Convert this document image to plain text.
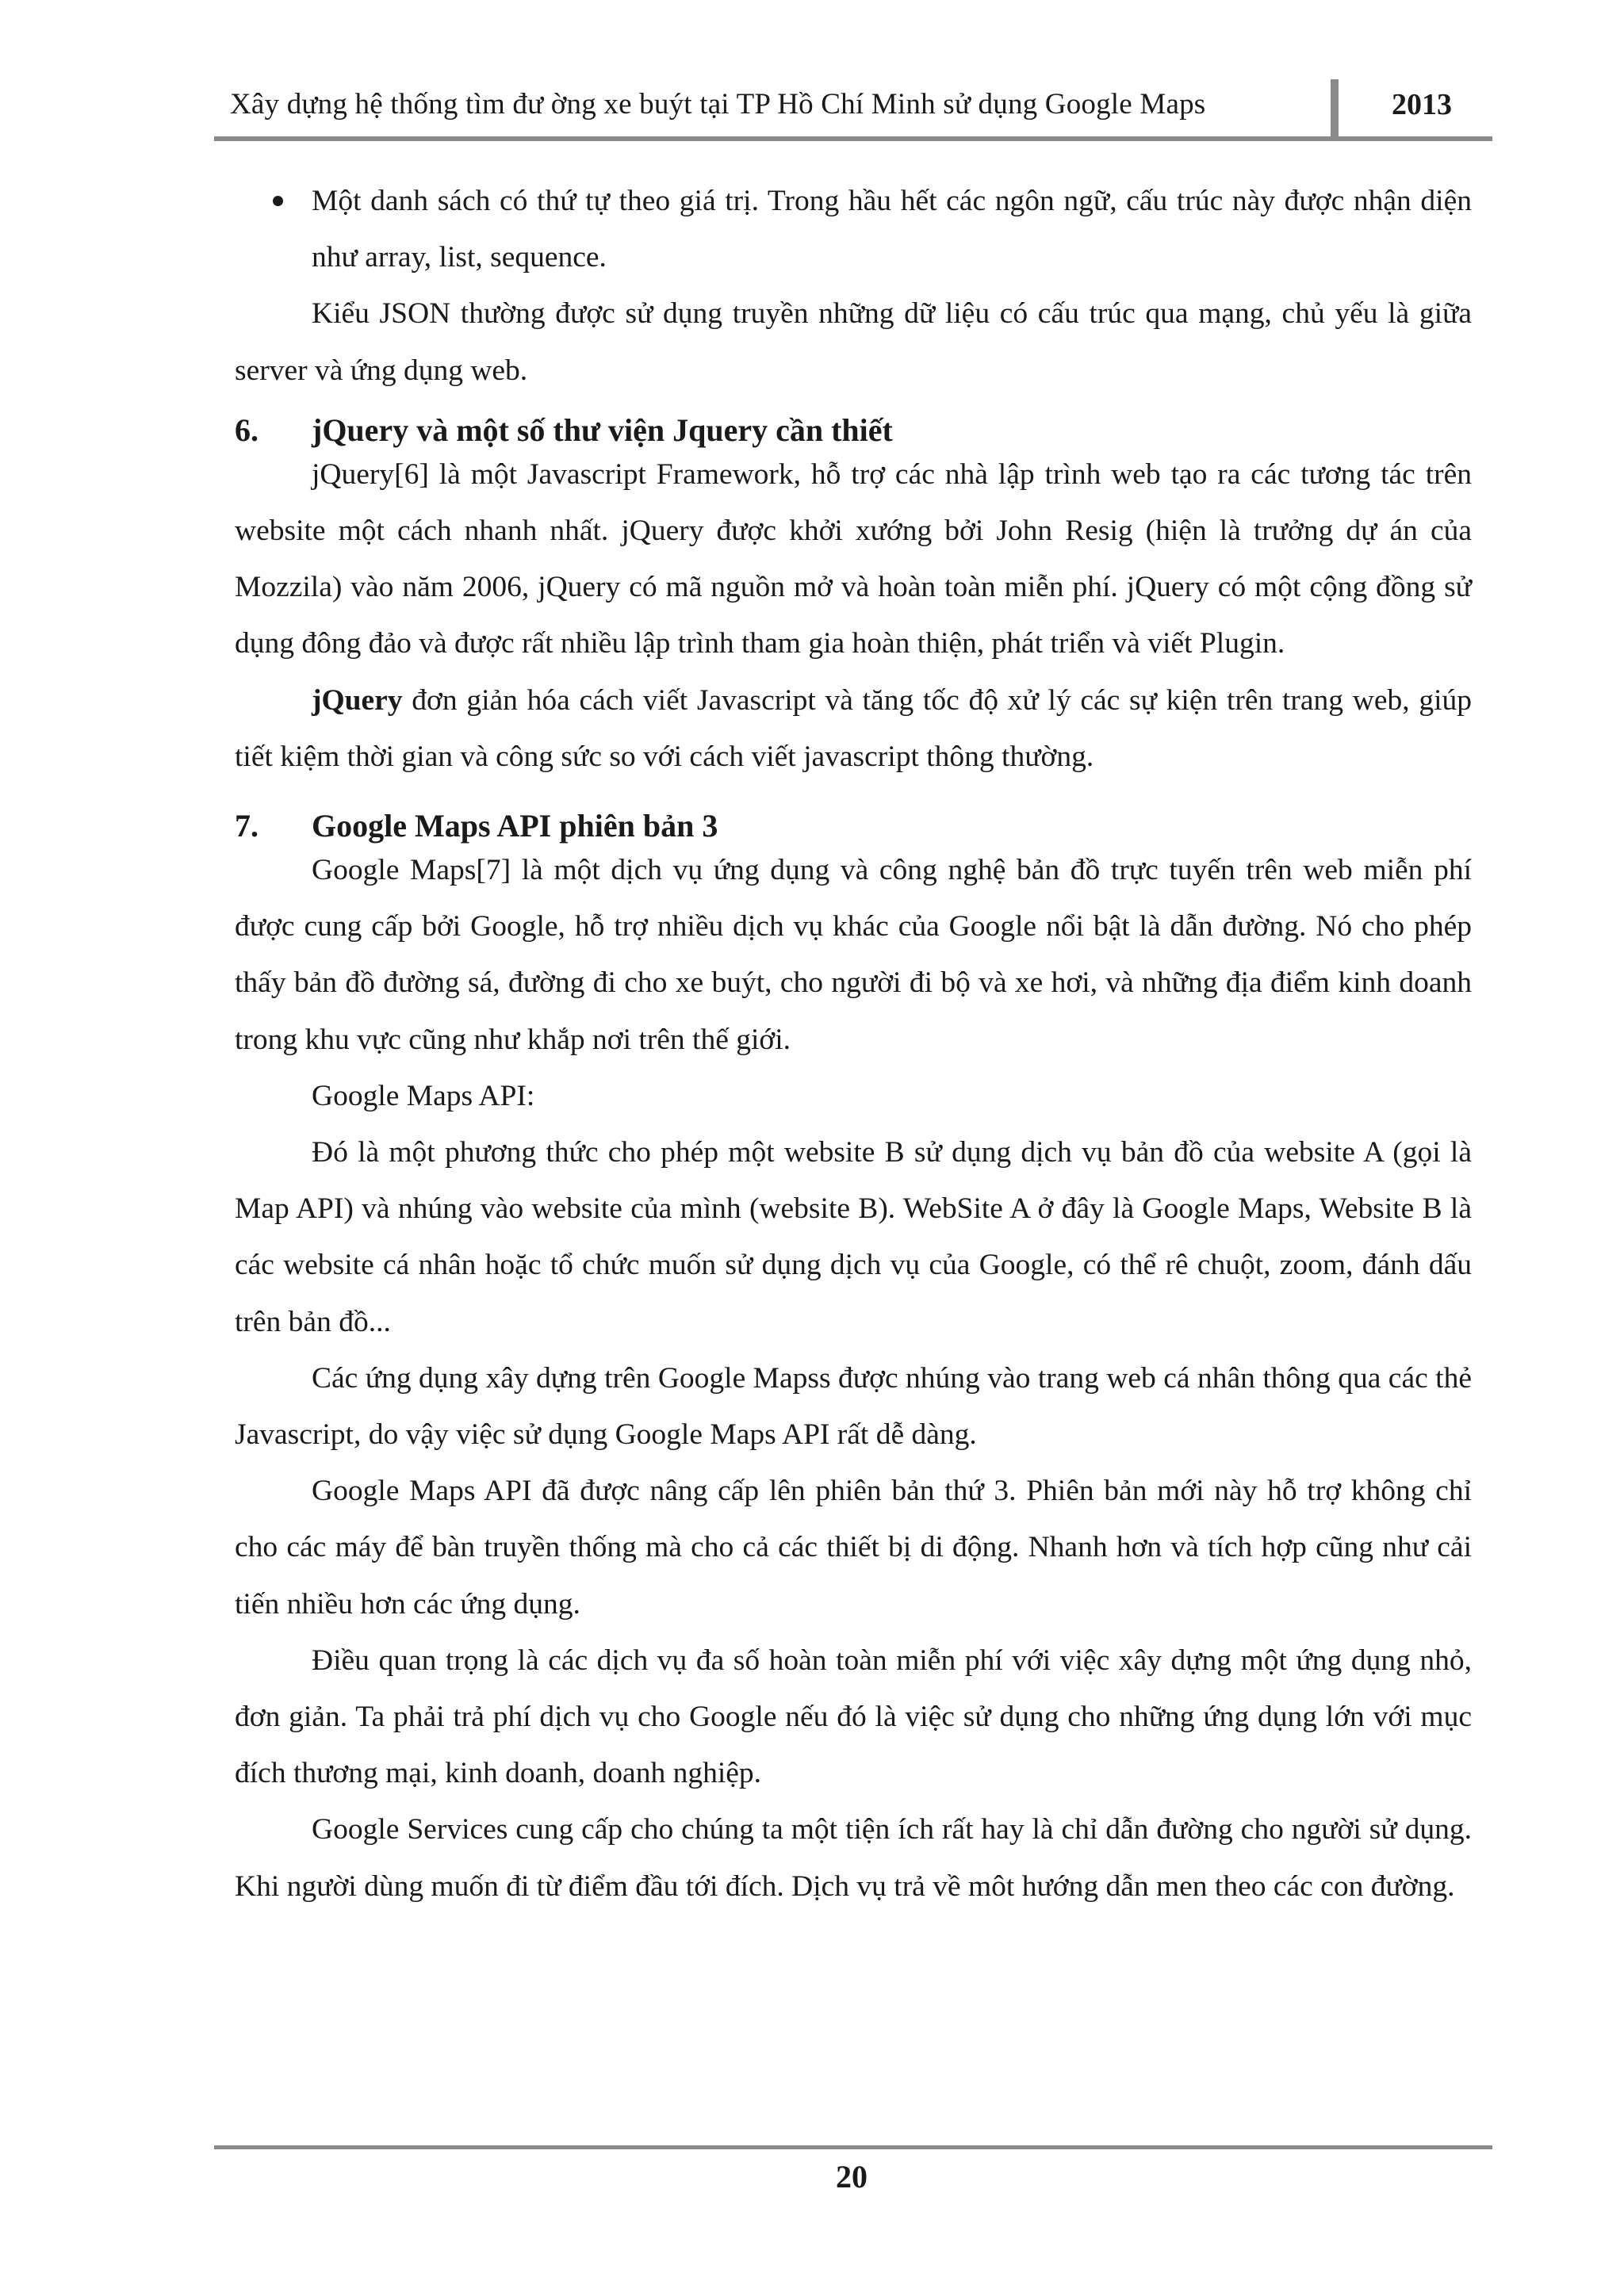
Xây dựng hệ thống tìm đư ờng xe buýt tại TP Hồ Chí Minh sử dụng Google Maps	2013
Một danh sách có thứ tự theo giá trị. Trong hầu hết các ngôn ngữ, cấu trúc này được nhận diện như array, list, sequence.

Kiểu JSON thường được sử dụng truyền những dữ liệu có cấu trúc qua mạng, chủ yếu là giữa server và ứng dụng web.

6.	jQuery và một số thư viện Jquery cần thiết

jQuery[6] là một Javascript Framework, hỗ trợ các nhà lập trình web tạo ra các tương tác trên website một cách nhanh nhất. jQuery được khởi xướng bởi John Resig (hiện là trưởng dự án của Mozzila) vào năm 2006, jQuery có mã nguồn mở và hoàn toàn miễn phí. jQuery có một cộng đồng sử dụng đông đảo và được rất nhiều lập trình tham gia hoàn thiện, phát triển và viết Plugin.

jQuery đơn giản hóa cách viết Javascript và tăng tốc độ xử lý các sự kiện trên trang web, giúp tiết kiệm thời gian và công sức so với cách viết javascript thông thường.

7.	Google Maps API phiên bản 3

Google Maps[7] là một dịch vụ ứng dụng và công nghệ bản đồ trực tuyến trên web miễn phí được cung cấp bởi Google, hỗ trợ nhiều dịch vụ khác của Google nổi bật là dẫn đường. Nó cho phép thấy bản đồ đường sá, đường đi cho xe buýt, cho người đi bộ và xe hơi, và những địa điểm kinh doanh trong khu vực cũng như khắp nơi trên thế giới.

Google Maps API:

Đó là một phương thức cho phép một website B sử dụng dịch vụ bản đồ của website A (gọi là Map API) và nhúng vào website của mình (website B). WebSite A ở đây là Google Maps, Website B là các website cá nhân hoặc tổ chức muốn sử dụng dịch vụ của Google, có thể rê chuột, zoom, đánh dấu trên bản đồ...

Các ứng dụng xây dựng trên Google Mapss được nhúng vào trang web cá nhân thông qua các thẻ Javascript, do vậy việc sử dụng Google Maps API rất dễ dàng.

Google Maps API đã được nâng cấp lên phiên bản thứ 3. Phiên bản mới này hỗ trợ không chỉ cho các máy để bàn truyền thống mà cho cả các thiết bị di động. Nhanh hơn và tích hợp cũng như cải tiến nhiều hơn các ứng dụng.

Điều quan trọng là các dịch vụ đa số hoàn toàn miễn phí với việc xây dựng một ứng dụng nhỏ, đơn giản. Ta phải trả phí dịch vụ cho Google nếu đó là việc sử dụng cho những ứng dụng lớn với mục đích thương mại, kinh doanh, doanh nghiệp.

Google Services cung cấp cho chúng ta một tiện ích rất hay là chỉ dẫn đường cho người sử dụng. Khi người dùng muốn đi từ điểm đầu tới đích. Dịch vụ trả về môt hướng dẫn men theo các con đường.

20
